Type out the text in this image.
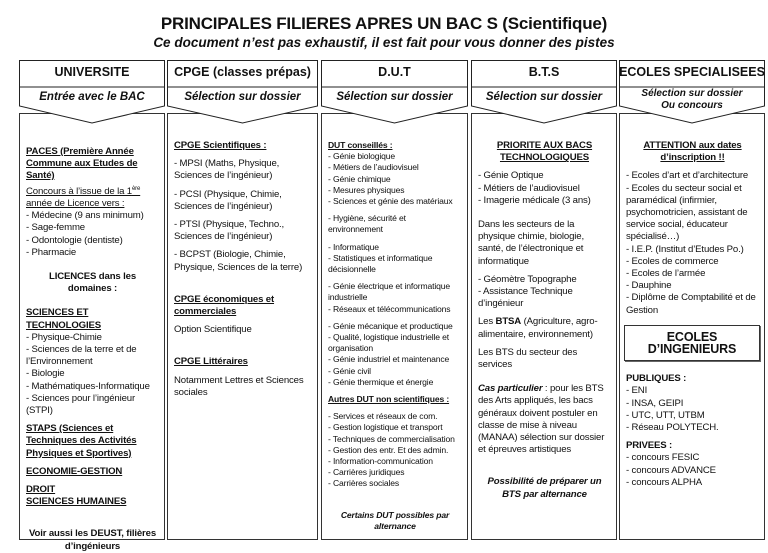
PRINCIPALES FILIERES APRES UN BAC S (Scientifique)
Ce document n’est pas exhaustif, il est fait pour vous donner des pistes
PACES (Première Année Commune aux Etudes de Santé)
Concours à l’issue de la 1ère année de Licence vers :
- Médecine (9 ans minimum)
- Sage-femme
- Odontologie (dentiste)
- Pharmacie
LICENCES dans les domaines :
SCIENCES ET TECHNOLOGIES
- Physique-Chimie
- Sciences de la terre et de l’Environnement
- Biologie
- Mathématiques-Informatique
- Sciences pour l’ingénieur (STPI)
STAPS (Sciences et Techniques des Activités Physiques et Sportives)
ECONOMIE-GESTION
DROIT
SCIENCES HUMAINES
Voir aussi les DEUST, filières d’ingénieurs
UNIVERSITE
Entrée avec le BAC
CPGE Scientifiques :
- MPSI (Maths, Physique, Sciences de l’ingénieur)
- PCSI (Physique, Chimie, Sciences de l’ingénieur)
- PTSI (Physique, Techno., Sciences de l’ingénieur)
- BCPST (Biologie, Chimie, Physique, Sciences de la terre)
CPGE économiques et commerciales
Option Scientifique
CPGE Littéraires
Notamment Lettres et Sciences sociales
CPGE (classes prépas)
Sélection sur dossier
DUT conseillés :
- Génie biologique
- Métiers de l’audiovisuel
- Génie chimique
- Mesures physiques
- Sciences et génie des matériaux
- Hygiène, sécurité et environnement
- Informatique
- Statistiques et informatique décisionnelle
- Génie électrique et informatique industrielle
- Réseaux et télécommunications
- Génie mécanique et productique
- Qualité, logistique industrielle et organisation
- Génie industriel et maintenance
- Génie civil
- Génie thermique et énergie
Autres DUT non scientifiques :
- Services et réseaux de com.
- Gestion logistique et transport
- Techniques de commercialisation
- Gestion des entr. Et des admin.
- Information-communication
- Carrières juridiques
- Carrières sociales
Certains DUT possibles par alternance
D.U.T
Sélection sur dossier
PRIORITE AUX BACS TECHNOLOGIQUES
- Génie Optique
- Métiers de l’audiovisuel
- Imagerie médicale (3 ans)
Dans les secteurs de la physique chimie, biologie, santé, de l’électronique et informatique
- Géomètre Topographe
- Assistance Technique d’ingénieur
Les BTSA (Agriculture, agro-alimentaire, environnement)
Les BTS du secteur des services
Cas particulier : pour les BTS des Arts appliqués, les bacs généraux doivent postuler en classe de mise à niveau (MANAA) sélection sur dossier et épreuves artistiques
Possibilité de préparer un BTS par alternance
B.T.S
Sélection sur dossier
ATTENTION aux dates d’inscription !!
- Ecoles d’art et d’architecture
- Ecoles du secteur social et paramédical (infirmier, psychomotricien, assistant de service social, éducateur spécialisé…)
- I.E.P. (Institut d’Etudes Po.)
- Ecoles de commerce
- Ecoles de l’armée
- Dauphine
- Diplôme de Comptabilité et de Gestion
ECOLES D’INGENIEURS
PUBLIQUES :
- ENI
- INSA, GEIPI
- UTC, UTT, UTBM
- Réseau POLYTECH.
PRIVEES :
- concours FESIC
- concours ADVANCE
- concours ALPHA
ECOLES SPECIALISEES
Sélection sur dossier
Ou concours
